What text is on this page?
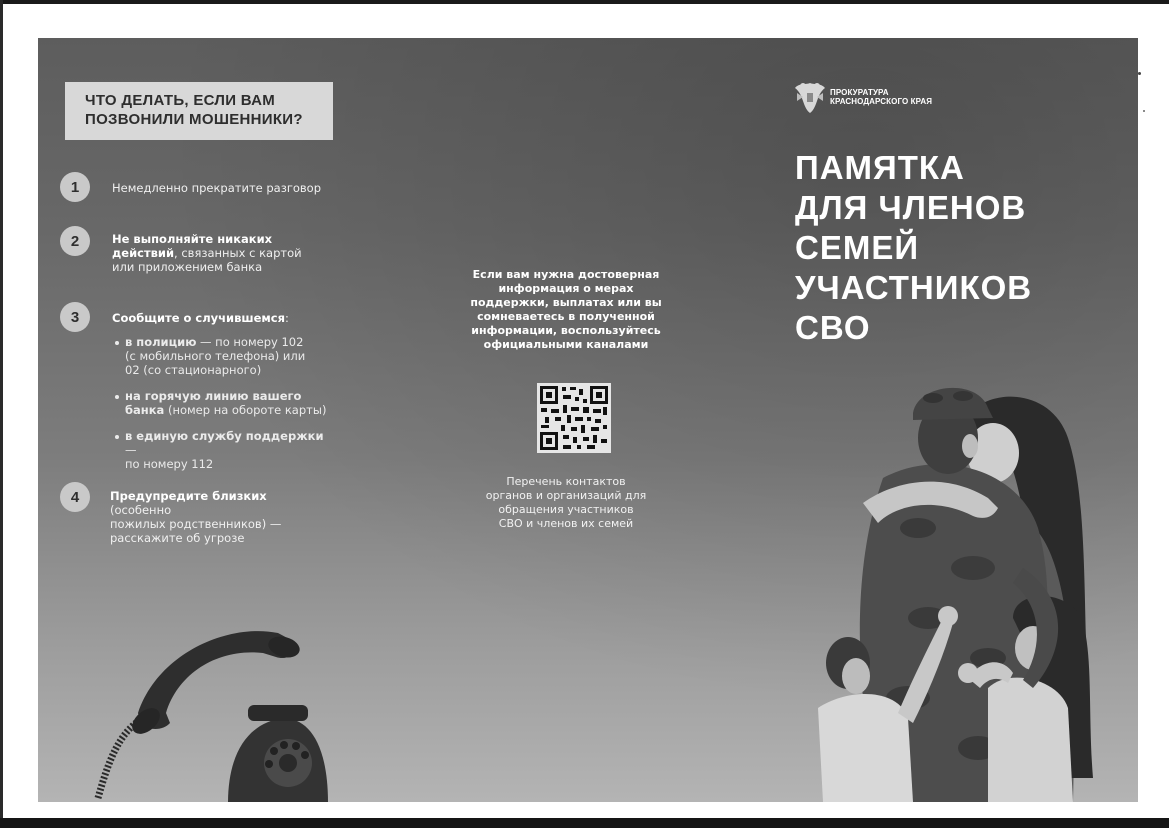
ЧТО ДЕЛАТЬ, ЕСЛИ ВАМ
ПОЗВОНИЛИ МОШЕННИКИ?
1	Немедленно прекратите разговор
2	Не выполняйте никаких
действий, связанных с картой
или приложением банка
3	Сообщите о случившемся:
в полицию — по номеру 102
(с мобильного телефона) или
02 (со стационарного)
на горячую линию вашего
банка (номер на обороте карты)
в единую службу поддержки —
по номеру 112
4	Предупредите близких (особенно
пожилых родственников) —
расскажите об угрозе
Если вам нужна достоверная
информация о мерах
поддержки, выплатах или вы
сомневаетесь в полученной
информации, воспользуйтесь
официальными каналами
Перечень контактов
органов и организаций для
обращения участников
СВО и членов их семей
ПРОКУРАТУРА
КРАСНОДАРСКОГО КРАЯ
ПАМЯТКА
ДЛЯ ЧЛЕНОВ
СЕМЕЙ
УЧАСТНИКОВ
СВО
